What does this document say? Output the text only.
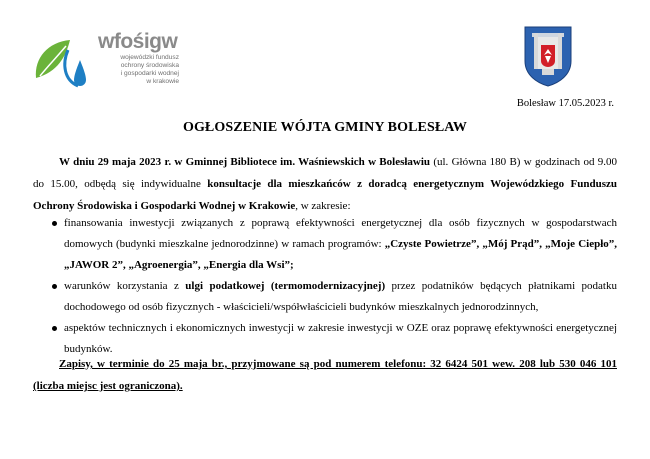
wfośigw
wojewódzki fundusz
ochrony środowiska
i gospodarki wodnej
w krakowie
Bolesław 17.05.2023 r.
OGŁOSZENIE WÓJTA GMINY BOLESŁAW
W dniu 29 maja 2023 r. w Gminnej Bibliotece im. Waśniewskich w Bolesławiu (ul. Główna 180 B) w godzinach od 9.00 do 15.00, odbędą się indywidualne konsultacje dla mieszkańców z doradcą energetycznym Wojewódzkiego Funduszu Ochrony Środowiska i Gospodarki Wodnej w Krakowie, w zakresie:
finansowania inwestycji związanych z poprawą efektywności energetycznej dla osób fizycznych w gospodarstwach domowych (budynki mieszkalne jednorodzinne) w ramach programów: „Czyste Powietrze”, „Mój Prąd”, „Moje Ciepło”, „JAWOR 2”, „Agroenergia”, „Energia dla Wsi”;
warunków korzystania z ulgi podatkowej (termomodernizacyjnej) przez podatników będących płatnikami podatku dochodowego od osób fizycznych - właścicieli/współwłaścicieli budynków mieszkalnych jednorodzinnych,
aspektów technicznych i ekonomicznych inwestycji w zakresie inwestycji w OZE oraz poprawę efektywności energetycznej budynków.
Zapisy, w terminie do 25 maja br., przyjmowane są pod numerem telefonu: 32 6424 501 wew. 208 lub 530 046 101 (liczba miejsc jest ograniczona).
